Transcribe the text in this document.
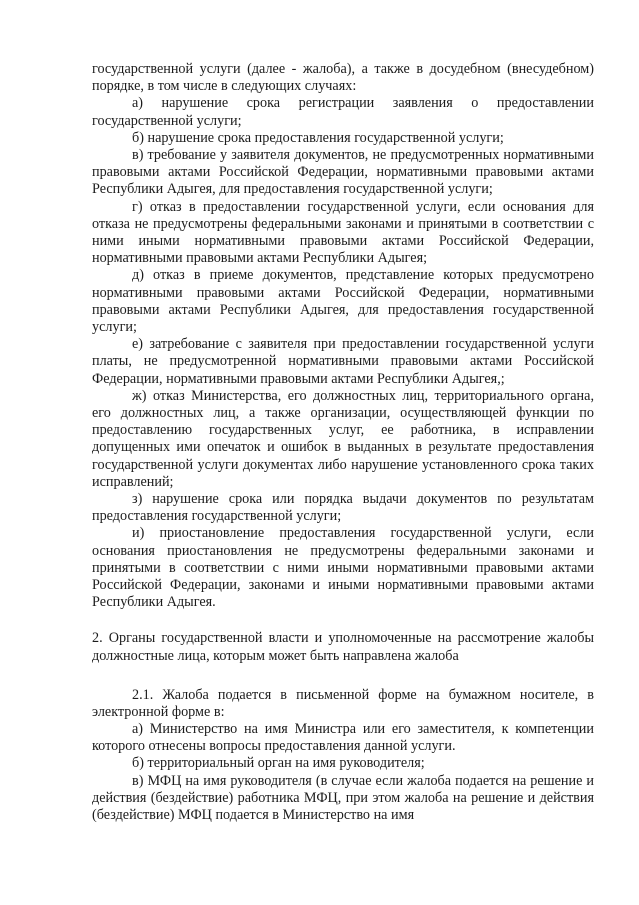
государственной услуги (далее - жалоба), а также в досудебном (внесудебном) порядке, в том числе в следующих случаях:

а) нарушение срока регистрации заявления о предоставлении государственной услуги;

б) нарушение срока предоставления государственной услуги;

в) требование у заявителя документов, не предусмотренных нормативными правовыми актами Российской Федерации, нормативными правовыми актами Республики Адыгея, для предоставления государственной услуги;

г) отказ в предоставлении государственной услуги, если основания для отказа не предусмотрены федеральными законами и принятыми в соответствии с ними иными нормативными правовыми актами Российской Федерации, нормативными правовыми актами Республики Адыгея;

д) отказ в приеме документов, представление которых предусмотрено нормативными правовыми актами Российской Федерации, нормативными правовыми актами Республики Адыгея, для предоставления государственной услуги;

е) затребование с заявителя при предоставлении государственной услуги платы, не предусмотренной нормативными правовыми актами Российской Федерации, нормативными правовыми актами Республики Адыгея,;

ж) отказ Министерства, его должностных лиц, территориального органа, его должностных лиц, а также организации, осуществляющей функции по предоставлению государственных услуг, ее работника, в исправлении допущенных ими опечаток и ошибок в выданных в результате предоставления государственной услуги документах либо нарушение установленного срока таких исправлений;

з) нарушение срока или порядка выдачи документов по результатам предоставления государственной услуги;

и) приостановление предоставления государственной услуги, если основания приостановления не предусмотрены федеральными законами и принятыми в соответствии с ними иными нормативными правовыми актами Российской Федерации, законами и иными нормативными правовыми актами Республики Адыгея.

2. Органы государственной власти и уполномоченные на рассмотрение жалобы должностные лица, которым может быть направлена жалоба

2.1. Жалоба подается в письменной форме на бумажном носителе, в электронной форме в:

а) Министерство на имя Министра или его заместителя, к компетенции которого отнесены вопросы предоставления данной услуги.

б) территориальный орган на имя руководителя;

в) МФЦ на имя руководителя (в случае если жалоба подается на решение и действия (бездействие) работника МФЦ, при этом жалоба на решение и действия (бездействие) МФЦ подается в Министерство на имя
